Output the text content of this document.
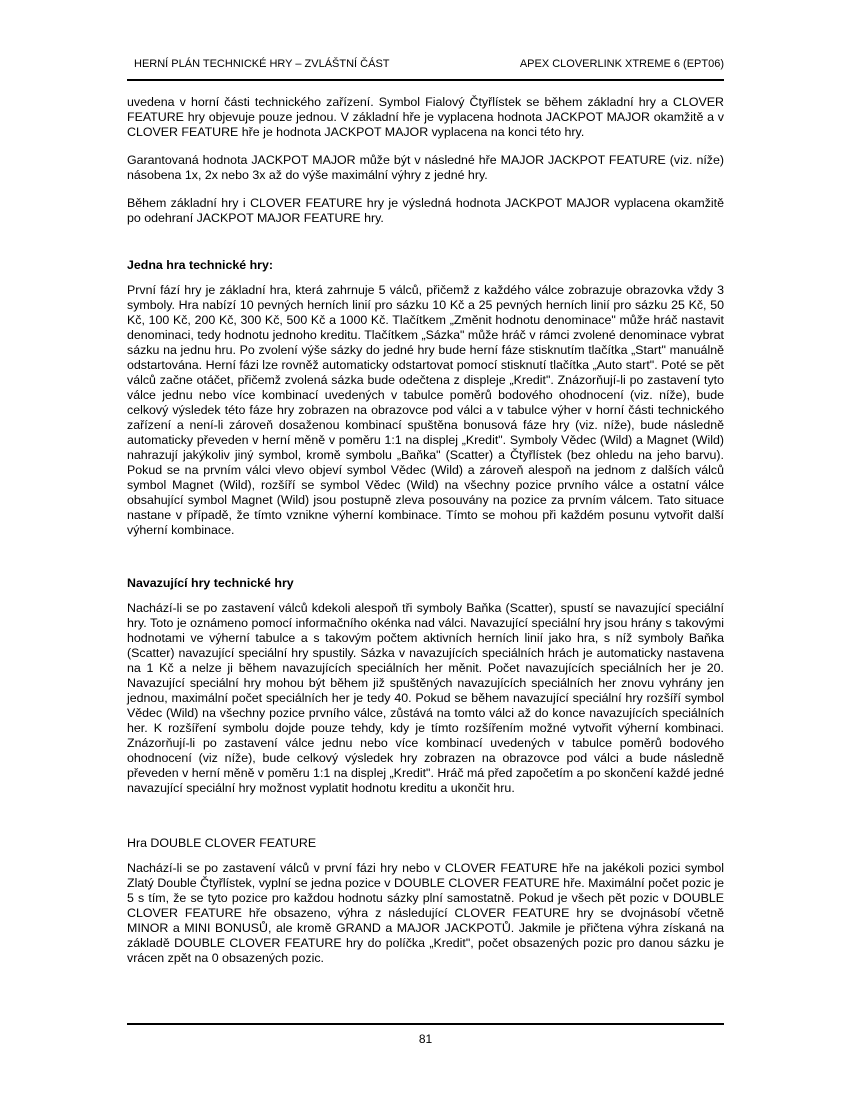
HERNÍ PLÁN TECHNICKÉ HRY – ZVLÁŠTNÍ ČÁST	APEX CLOVERLINK XTREME 6 (EPT06)

uvedena v horní části technického zařízení. Symbol Fialový Čtyřlístek se během základní hry a CLOVER FEATURE hry objevuje pouze jednou. V základní hře je vyplacena hodnota JACKPOT MAJOR okamžitě a v CLOVER FEATURE hře je hodnota JACKPOT MAJOR vyplacena na konci této hry.

Garantovaná hodnota JACKPOT MAJOR může být v následné hře MAJOR JACKPOT FEATURE (viz. níže) násobena 1x, 2x nebo 3x až do výše maximální výhry z jedné hry.

Během základní hry i CLOVER FEATURE hry je výsledná hodnota JACKPOT MAJOR vyplacena okamžitě po odehraní JACKPOT MAJOR FEATURE hry.

Jedna hra technické hry:

První fází hry je základní hra, která zahrnuje 5 válců, přičemž z každého válce zobrazuje obrazovka vždy 3 symboly. Hra nabízí 10 pevných herních linií pro sázku 10 Kč a 25 pevných herních linií pro sázku 25 Kč, 50 Kč, 100 Kč, 200 Kč, 300 Kč, 500 Kč a 1000 Kč. Tlačítkem „Změnit hodnotu denominace" může hráč nastavit denominaci, tedy hodnotu jednoho kreditu. Tlačítkem „Sázka" může hráč v rámci zvolené denominace vybrat sázku na jednu hru. Po zvolení výše sázky do jedné hry bude herní fáze stisknutím tlačítka „Start" manuálně odstartována. Herní fázi lze rovněž automaticky odstartovat pomocí stisknutí tlačítka „Auto start". Poté se pět válců začne otáčet, přičemž zvolená sázka bude odečtena z displeje „Kredit". Znázorňují-li po zastavení tyto válce jednu nebo více kombinací uvedených v tabulce poměrů bodového ohodnocení (viz. níže), bude celkový výsledek této fáze hry zobrazen na obrazovce pod válci a v tabulce výher v horní části technického zařízení a není-li zároveň dosaženou kombinací spuštěna bonusová fáze hry (viz. níže), bude následně automaticky převeden v herní měně v poměru 1:1 na displej „Kredit". Symboly Vědec (Wild) a Magnet (Wild) nahrazují jakýkoliv jiný symbol, kromě symbolu „Baňka" (Scatter) a Čtyřlístek (bez ohledu na jeho barvu). Pokud se na prvním válci vlevo objeví symbol Vědec (Wild) a zároveň alespoň na jednom z dalších válců symbol Magnet (Wild), rozšíří se symbol Vědec (Wild) na všechny pozice prvního válce a ostatní válce obsahující symbol Magnet (Wild) jsou postupně zleva posouvány na pozice za prvním válcem. Tato situace nastane v případě, že tímto vznikne výherní kombinace. Tímto se mohou při každém posunu vytvořit další výherní kombinace.

Navazující hry technické hry

Nachází-li se po zastavení válců kdekoli alespoň tři symboly Baňka (Scatter), spustí se navazující speciální hry. Toto je oznámeno pomocí informačního okénka nad válci. Navazující speciální hry jsou hrány s takovými hodnotami ve výherní tabulce a s takovým počtem aktivních herních linií jako hra, s níž symboly Baňka (Scatter) navazující speciální hry spustily. Sázka v navazujících speciálních hrách je automaticky nastavena na 1 Kč a nelze ji během navazujících speciálních her měnit. Počet navazujících speciálních her je 20. Navazující speciální hry mohou být během již spuštěných navazujících speciálních her znovu vyhrány jen jednou, maximální počet speciálních her je tedy 40. Pokud se během navazující speciální hry rozšíří symbol Vědec (Wild) na všechny pozice prvního válce, zůstává na tomto válci až do konce navazujících speciálních her. K rozšíření symbolu dojde pouze tehdy, kdy je tímto rozšířením možné vytvořit výherní kombinaci. Znázorňují-li po zastavení válce jednu nebo více kombinací uvedených v tabulce poměrů bodového ohodnocení (viz níže), bude celkový výsledek hry zobrazen na obrazovce pod válci a bude následně převeden v herní měně v poměru 1:1 na displej „Kredit". Hráč má před započetím a po skončení každé jedné navazující speciální hry možnost vyplatit hodnotu kreditu a ukončit hru.

Hra DOUBLE CLOVER FEATURE

Nachází-li se po zastavení válců v první fázi hry nebo v CLOVER FEATURE hře na jakékoli pozici symbol Zlatý Double Čtyřlístek, vyplní se jedna pozice v DOUBLE CLOVER FEATURE hře. Maximální počet pozic je 5 s tím, že se tyto pozice pro každou hodnotu sázky plní samostatně. Pokud je všech pět pozic v DOUBLE CLOVER FEATURE hře obsazeno, výhra z následující CLOVER FEATURE hry se dvojnásobí včetně MINOR a MINI BONUSŮ, ale kromě GRAND a MAJOR JACKPOTŮ. Jakmile je přičtena výhra získaná na základě DOUBLE CLOVER FEATURE hry do políčka „Kredit", počet obsazených pozic pro danou sázku je vrácen zpět na 0 obsazených pozic.

81
